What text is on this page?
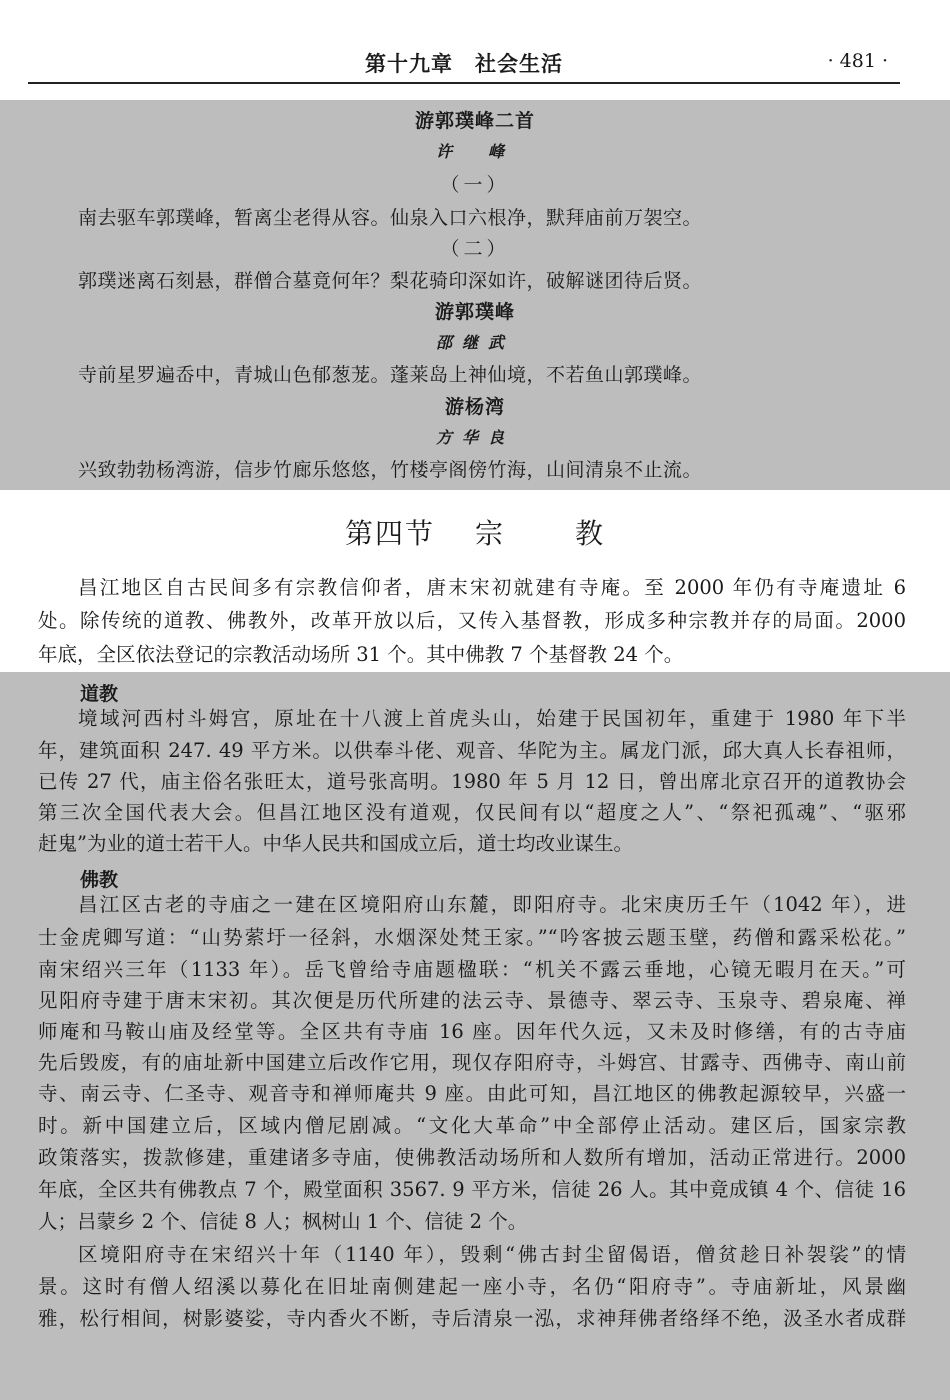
第十九章　社会生活	· 481 ·
游郭璞峰二首
许　峰
（一）
南去驱车郭璞峰，暂离尘老得从容。仙泉入口六根净，默拜庙前万袈空。
（二）
郭璞迷离石刻悬，群僧合墓竟何年？梨花骑印深如许，破解谜团待后贤。
游郭璞峰
邵继武
寺前星罗遍岙中，青城山色郁葱茏。蓬莱岛上神仙境，不若鱼山郭璞峰。
游杨湾
方华良
兴致勃勃杨湾游，信步竹廊乐悠悠，竹楼亭阁傍竹海，山间清泉不止流。
第四节 宗	教
昌江地区自古民间多有宗教信仰者，唐末宋初就建有寺庵。至 2000 年仍有寺庵遗址 6
处。除传统的道教、佛教外，改革开放以后，又传入基督教，形成多种宗教并存的局面。2000
年底，全区依法登记的宗教活动场所 31 个。其中佛教 7 个基督教 24 个。
道教
境域河西村斗姆宫，原址在十八渡上首虎头山，始建于民国初年，重建于 1980 年下半
年，建筑面积 247. 49 平方米。以供奉斗佬、观音、华陀为主。属龙门派，邱大真人长春祖师，
已传 27 代，庙主俗名张旺太，道号张高明。1980 年 5 月 12 日，曾出席北京召开的道教协会
第三次全国代表大会。但昌江地区没有道观，仅民间有以“超度之人”、“祭祀孤魂”、“驱邪
赶鬼”为业的道士若干人。中华人民共和国成立后，道士均改业谋生。
佛教
昌江区古老的寺庙之一建在区境阳府山东麓，即阳府寺。北宋庚历壬午（1042 年），进
士金虎卿写道：“山势萦圩一径斜，水烟深处梵王家。”“吟客披云题玉壁，药僧和露采松花。”
南宋绍兴三年（1133 年）。岳飞曾给寺庙题楹联：“机关不露云垂地，心镜无暇月在天。”可
见阳府寺建于唐末宋初。其次便是历代所建的法云寺、景德寺、翠云寺、玉泉寺、碧泉庵、禅
师庵和马鞍山庙及经堂等。全区共有寺庙 16 座。因年代久远，又未及时修缮，有的古寺庙
先后毁废，有的庙址新中国建立后改作它用，现仅存阳府寺，斗姆宫、甘露寺、西佛寺、南山前
寺、南云寺、仁圣寺、观音寺和禅师庵共 9 座。由此可知，昌江地区的佛教起源较早，兴盛一
时。新中国建立后，区域内僧尼剧减。“文化大革命”中全部停止活动。建区后，国家宗教
政策落实，拨款修建，重建诸多寺庙，使佛教活动场所和人数所有增加，活动正常进行。2000
年底，全区共有佛教点 7 个，殿堂面积 3567. 9 平方米，信徒 26 人。其中竟成镇 4 个、信徒 16
人；吕蒙乡 2 个、信徒 8 人；枫树山 1 个、信徒 2 个。
区境阳府寺在宋绍兴十年（1140 年），毁剩“佛古封尘留偈语，僧贫趁日补袈裟”的情
景。这时有僧人绍溪以募化在旧址南侧建起一座小寺，名仍“阳府寺”。寺庙新址，风景幽
雅，松行相间，树影婆娑，寺内香火不断，寺后清泉一泓，求神拜佛者络绎不绝，汲圣水者成群
